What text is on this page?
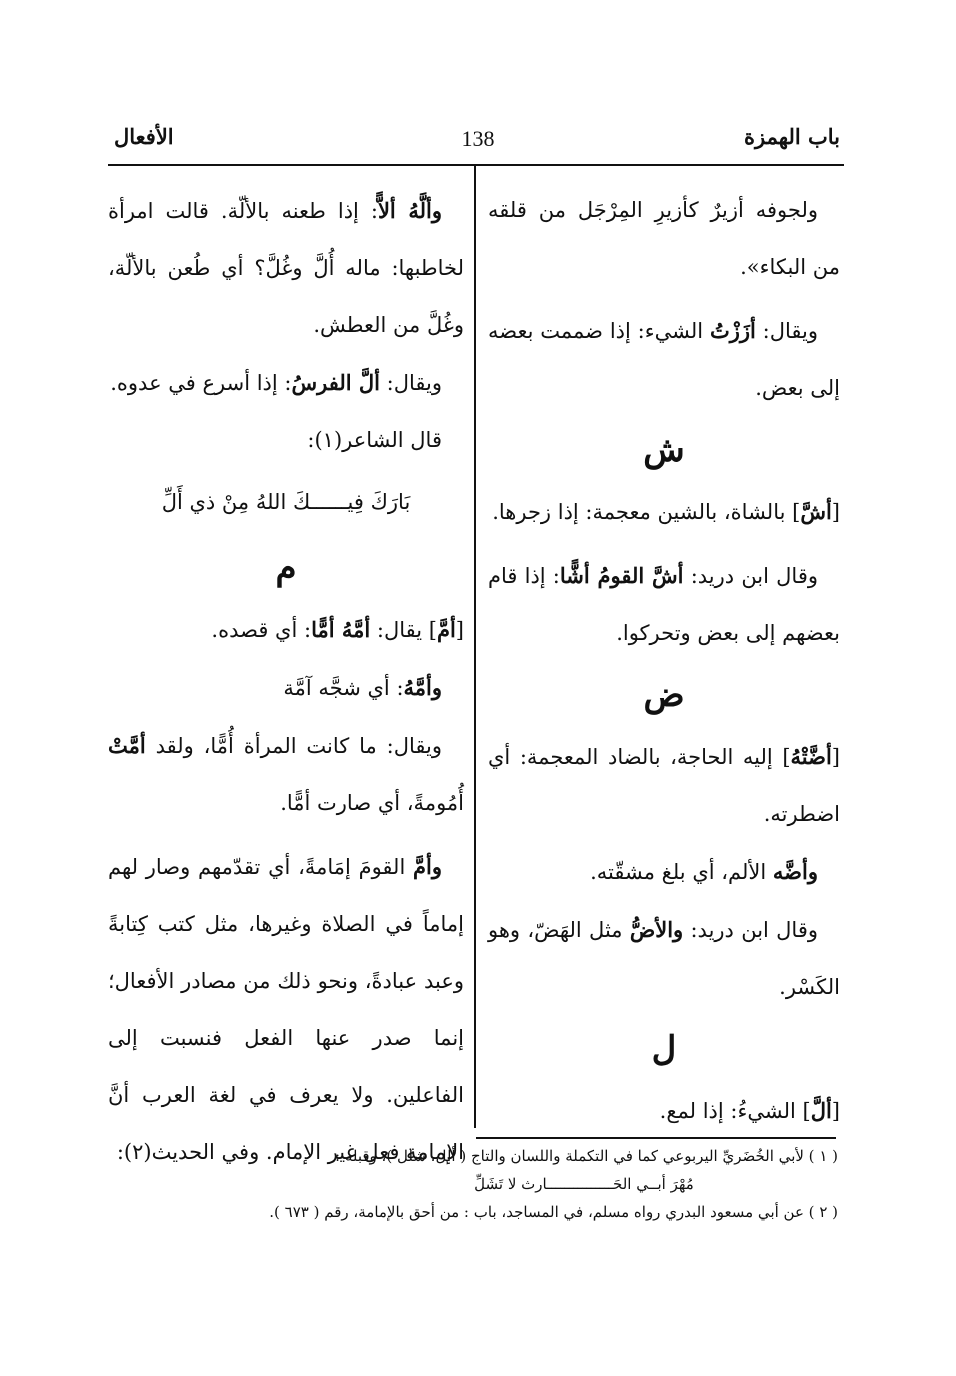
باب الهمزة
138
الأفعال

ولجوفه أزيرٌ كأزيرِ المِرْجَل من قلقه من البكاء».

ويقال: أزَزْتُ الشيء: إذا ضممت بعضه إلى بعض.

ش

[أشَّ] بالشاة، بالشين معجمة: إذا زجرها.

وقال ابن دريد: أشَّ القومُ أشًّا: إذا قام بعضهم إلى بعض وتحركوا.

ض

[أضَّتْهُ] إليه الحاجة، بالضاد المعجمة: أي اضطرته.

وأضَّه الألم، أي بلغ مشقّته.

وقال ابن دريد: والأضُّ مثل الهَضّ، وهو الكَسْر.

ل

[ألَّ] الشيءُ: إذا لمع.

وألَّهُ ألاًّ: إذا طعنه بالألّة. قالت امرأة لخاطبها: ماله أُلَّ وغُلَّ؟ أي طُعن بالألّة، وغُلَّ من العطش.

ويقال: ألَّ الفرسُ: إذا أسرع في عدوه.

قال الشاعر(١):

بَارَكَ فِيــــــكَ اللهُ مِنْ ذي أَلِّ

م

[أمَّ] يقال: أمَّهُ أمًّا: أي قصده.

وأمَّهُ: أي شجَّه آمَّة

ويقال: ما كانت المرأة أُمًّا، ولقد أمَّتْ أُمُومةً، أي صارت أمًّا.

وأمَّ القومَ إمَامةً، أي تقدّمهم وصار لهم إماماً في الصلاة وغيرها، مثل كتب كِتابةً وعبد عبادةً، ونحو ذلك من مصادر الأفعال؛ إنما صدر عنها الفعل فنسبت إلى الفاعلين. ولا يعرف في لغة العرب أنَّ الإمامة فعل غير الإمام. وفي الحديث(٢):

( ١ ) لأبي الخُضَريِّ اليربوعي كما في التكملة واللسان والتاج ( ألل، شلل )، وقبله :

مُهْرَ أبــي الحَـــــــــــــــارث لا تَشَلِّ

( ٢ ) عن أبي مسعود البدري رواه مسلم، في المساجد، باب : من أحق بالإمامة، رقم ( ٦٧٣ ).
